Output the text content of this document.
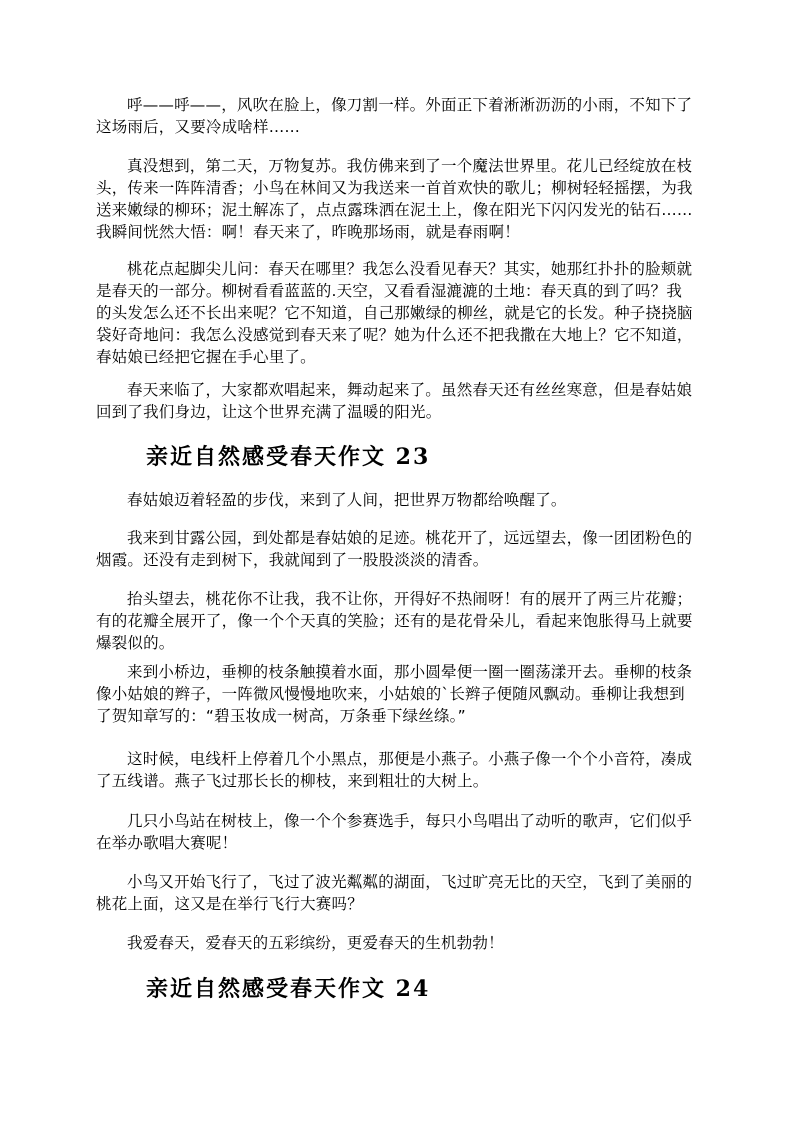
呼——呼——，风吹在脸上，像刀割一样。外面正下着淅淅沥沥的小雨，不知下了这场雨后，又要冷成啥样……

真没想到，第二天，万物复苏。我仿佛来到了一个魔法世界里。花儿已经绽放在枝头，传来一阵阵清香；小鸟在林间又为我送来一首首欢快的歌儿；柳树轻轻摇摆，为我送来嫩绿的柳环；泥土解冻了，点点露珠洒在泥土上，像在阳光下闪闪发光的钻石……我瞬间恍然大悟：啊！春天来了，昨晚那场雨，就是春雨啊！

桃花点起脚尖儿问：春天在哪里？我怎么没看见春天？其实，她那红扑扑的脸颊就是春天的一部分。柳树看看蓝蓝的.天空，又看看湿漉漉的土地：春天真的到了吗？我的头发怎么还不长出来呢？它不知道，自己那嫩绿的柳丝，就是它的长发。种子挠挠脑袋好奇地问：我怎么没感觉到春天来了呢？她为什么还不把我撒在大地上？它不知道，春姑娘已经把它握在手心里了。

春天来临了，大家都欢唱起来，舞动起来了。虽然春天还有丝丝寒意，但是春姑娘回到了我们身边，让这个世界充满了温暖的阳光。

亲近自然感受春天作文 23

春姑娘迈着轻盈的步伐，来到了人间，把世界万物都给唤醒了。

我来到甘露公园，到处都是春姑娘的足迹。桃花开了，远远望去，像一团团粉色的烟霞。还没有走到树下，我就闻到了一股股淡淡的清香。

抬头望去，桃花你不让我，我不让你，开得好不热闹呀！有的展开了两三片花瓣；有的花瓣全展开了，像一个个天真的笑脸；还有的是花骨朵儿，看起来饱胀得马上就要爆裂似的。

来到小桥边，垂柳的枝条触摸着水面，那小圆晕便一圈一圈荡漾开去。垂柳的枝条像小姑娘的辫子，一阵微风慢慢地吹来，小姑娘的`长辫子便随风飘动。垂柳让我想到了贺知章写的：“碧玉妆成一树高，万条垂下绿丝绦。”

这时候，电线杆上停着几个小黑点，那便是小燕子。小燕子像一个个小音符，凑成了五线谱。燕子飞过那长长的柳枝，来到粗壮的大树上。

几只小鸟站在树枝上，像一个个参赛选手，每只小鸟唱出了动听的歌声，它们似乎在举办歌唱大赛呢！

小鸟又开始飞行了，飞过了波光粼粼的湖面，飞过旷亮无比的天空，飞到了美丽的桃花上面，这又是在举行飞行大赛吗？

我爱春天，爱春天的五彩缤纷，更爱春天的生机勃勃！

亲近自然感受春天作文 24
